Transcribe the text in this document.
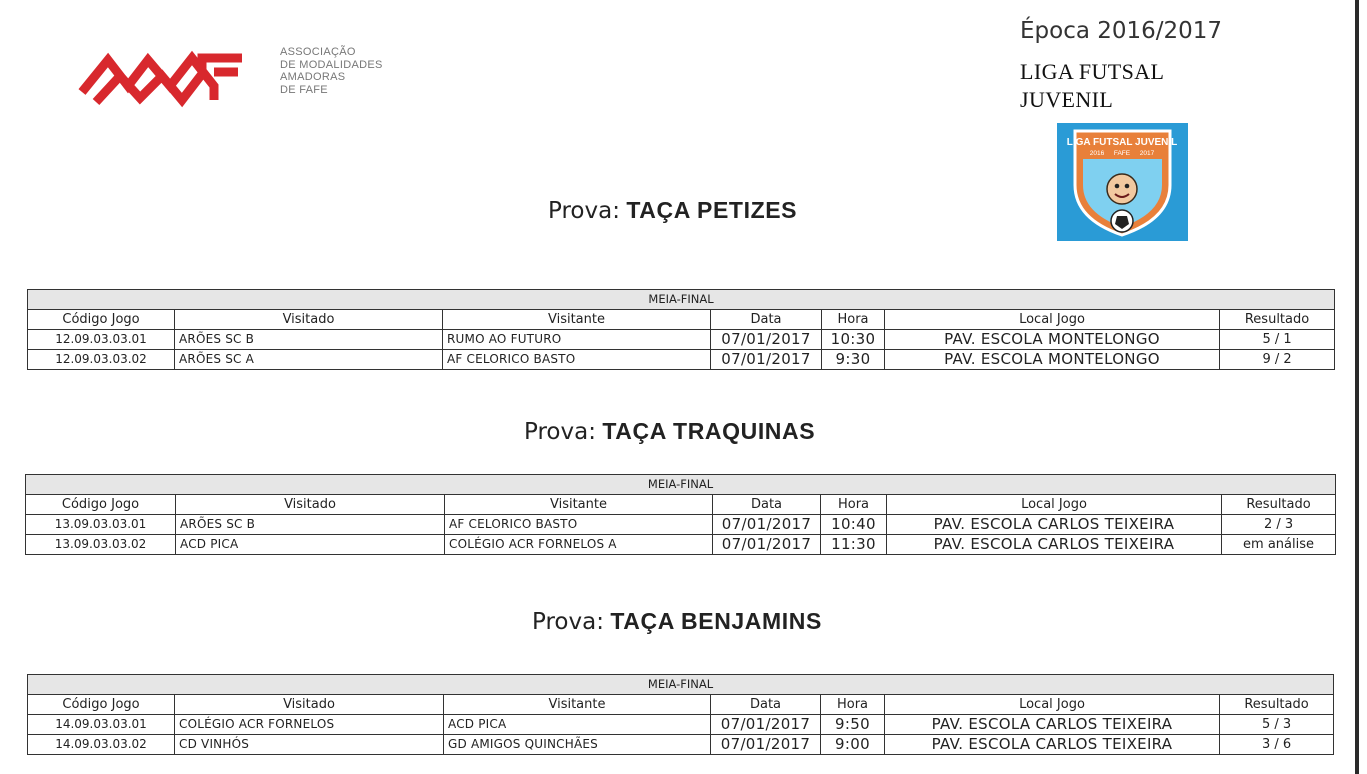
ASSOCIAÇÃO
DE MODALIDADES
AMADORAS
DE FAFE
Época 2016/2017
LIGA FUTSAL
JUVENIL
LIGA FUTSAL JUVENIL
2016 FAFE 2017
Prova: TAÇA PETIZES
MEIA-FINAL						
Código Jogo	Visitado	Visitante	Data	Hora	Local Jogo	Resultado
12.09.03.03.01	ARÕES SC B	RUMO AO FUTURO	07/01/2017	10:30	PAV. ESCOLA MONTELONGO	5 / 1
12.09.03.03.02	ARÕES SC A	AF CELORICO BASTO	07/01/2017	9:30	PAV. ESCOLA MONTELONGO	9 / 2
Prova: TAÇA TRAQUINAS
MEIA-FINAL						
Código Jogo	Visitado	Visitante	Data	Hora	Local Jogo	Resultado
13.09.03.03.01	ARÕES SC B	AF CELORICO BASTO	07/01/2017	10:40	PAV. ESCOLA CARLOS TEIXEIRA	2 / 3
13.09.03.03.02	ACD PICA	COLÉGIO ACR FORNELOS A	07/01/2017	11:30	PAV. ESCOLA CARLOS TEIXEIRA	em análise
Prova: TAÇA BENJAMINS
MEIA-FINAL						
Código Jogo	Visitado	Visitante	Data	Hora	Local Jogo	Resultado
14.09.03.03.01	COLÉGIO ACR FORNELOS	ACD PICA	07/01/2017	9:50	PAV. ESCOLA CARLOS TEIXEIRA	5 / 3
14.09.03.03.02	CD VINHÓS	GD AMIGOS QUINCHÃES	07/01/2017	9:00	PAV. ESCOLA CARLOS TEIXEIRA	3 / 6
